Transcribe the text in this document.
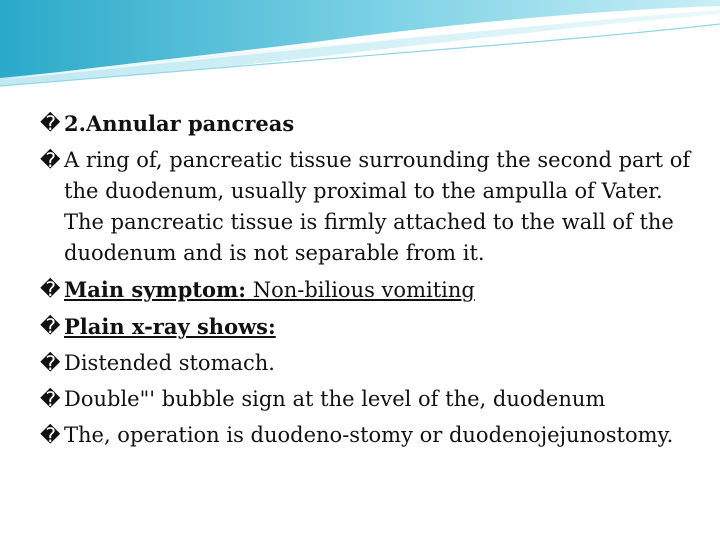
� 2.Annular pancreas
� A ring of, pancreatic tissue surrounding the second part of the duodenum, usually proximal to the ampulla of Vater. The pancreatic tissue is firmly attached to the wall of the duodenum and is not separable from it.
� Main symptom: Non-bilious vomiting
� Plain x-ray shows:
� Distended stomach.
� Double"' bubble sign at the level of the, duodenum
� The, operation is duodeno-stomy or duodenojejunostomy.
